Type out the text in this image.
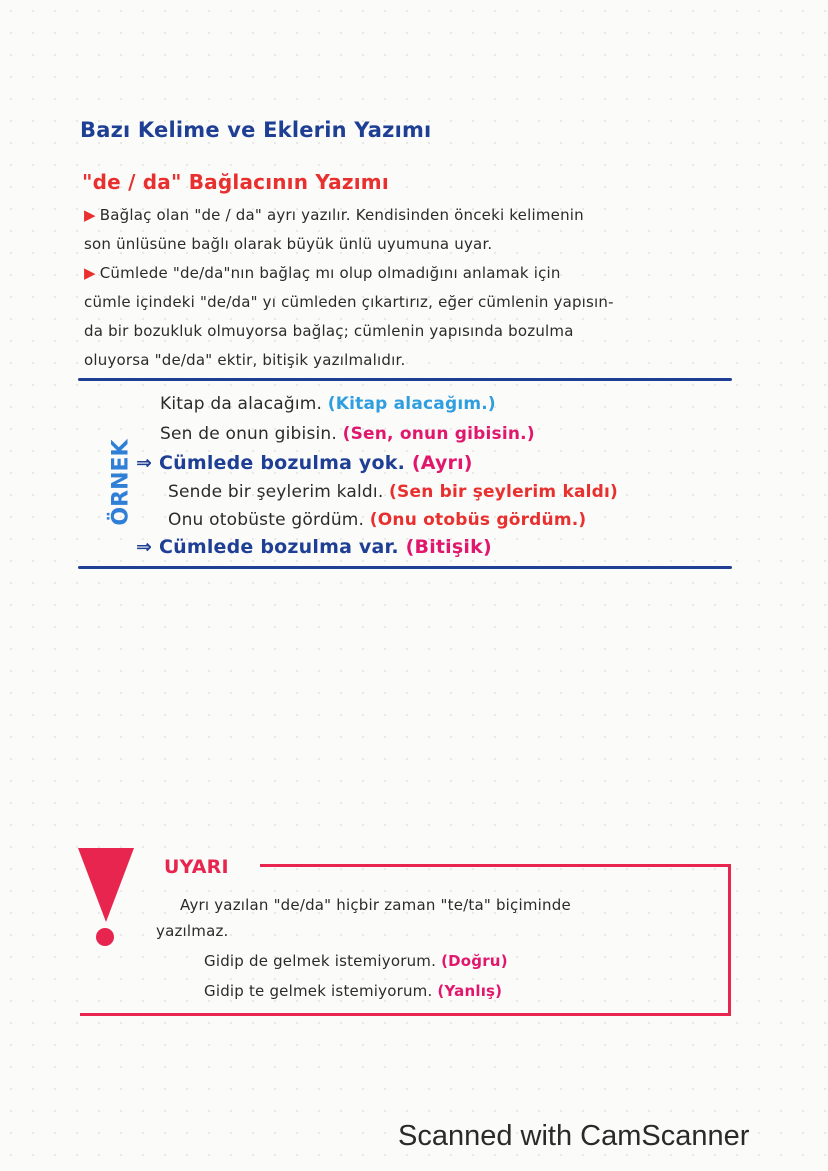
Bazı Kelime ve Eklerin Yazımı
"de / da" Bağlacının Yazımı
▶ Bağlaç olan "de / da" ayrı yazılır. Kendisinden önceki kelimenin
son ünlüsüne bağlı olarak büyük ünlü uyumuna uyar.
▶ Cümlede "de/da"nın bağlaç mı olup olmadığını anlamak için
cümle içindeki "de/da" yı cümleden çıkartırız, eğer cümlenin yapısın-
da bir bozukluk olmuyorsa bağlaç; cümlenin yapısında bozulma
oluyorsa "de/da" ektir, bitişik yazılmalıdır.
ÖRNEK
Kitap da alacağım. (Kitap alacağım.)
Sen de onun gibisin. (Sen, onun gibisin.)
⇒ Cümlede bozulma yok. (Ayrı)
Sende bir şeylerim kaldı. (Sen bir şeylerim kaldı)
Onu otobüste gördüm. (Onu otobüs gördüm.)
⇒ Cümlede bozulma var. (Bitişik)
UYARI
Ayrı yazılan "de/da" hiçbir zaman "te/ta" biçiminde
yazılmaz.
Gidip de gelmek istemiyorum. (Doğru)
Gidip te gelmek istemiyorum. (Yanlış)
Scanned with CamScanner
